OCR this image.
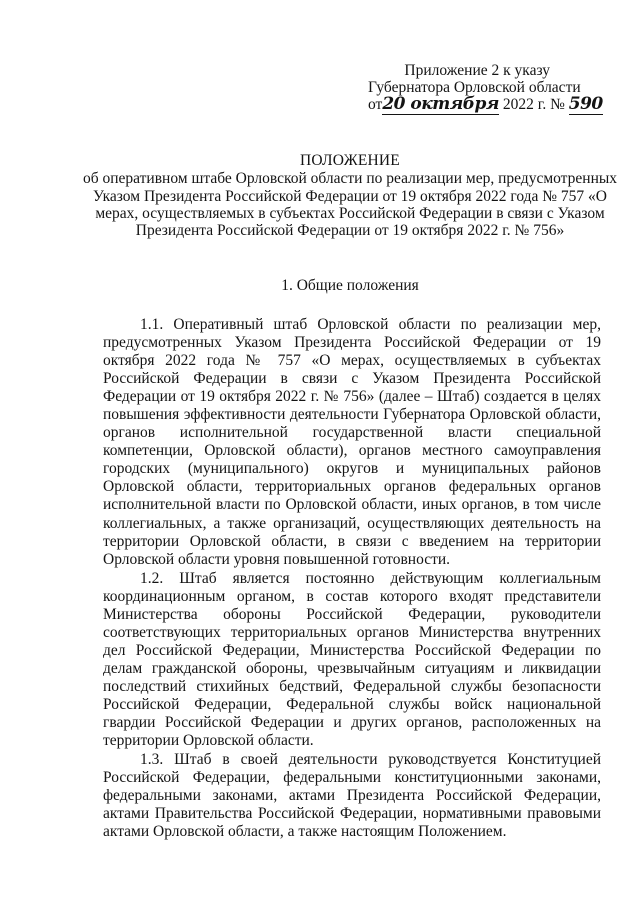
Приложение 2 к указу
Губернатора Орловской области
от20 октября 2022 г. № 590
ПОЛОЖЕНИЕ
об оперативном штабе Орловской области по реализации мер, предусмотренных Указом Президента Российской Федерации от 19 октября 2022 года № 757 «О мерах, осуществляемых в субъектах Российской Федерации в связи с Указом Президента Российской Федерации от 19 октября 2022 г. № 756»
1. Общие положения

1.1. Оперативный штаб Орловской области по реализации мер, предусмотренных Указом Президента Российской Федерации от 19 октября 2022 года № 757 «О мерах, осуществляемых в субъектах Российской Федерации в связи с Указом Президента Российской Федерации от 19 октября 2022 г. № 756» (далее – Штаб) создается в целях повышения эффективности деятельности Губернатора Орловской области, органов исполнительной государственной власти специальной компетенции, Орловской области), органов местного самоуправления городских (муниципального) округов и муниципальных районов Орловской области, территориальных органов федеральных органов исполнительной власти по Орловской области, иных органов, в том числе коллегиальных, а также организаций, осуществляющих деятельность на территории Орловской области, в связи с введением на территории Орловской области уровня повышенной готовности.

1.2. Штаб является постоянно действующим коллегиальным координационным органом, в состав которого входят представители Министерства обороны Российской Федерации, руководители соответствующих территориальных органов Министерства внутренних дел Российской Федерации, Министерства Российской Федерации по делам гражданской обороны, чрезвычайным ситуациям и ликвидации последствий стихийных бедствий, Федеральной службы безопасности Российской Федерации, Федеральной службы войск национальной гвардии Российской Федерации и других органов, расположенных на территории Орловской области.

1.3. Штаб в своей деятельности руководствуется Конституцией Российской Федерации, федеральными конституционными законами, федеральными законами, актами Президента Российской Федерации, актами Правительства Российской Федерации, нормативными правовыми актами Орловской области, а также настоящим Положением.
